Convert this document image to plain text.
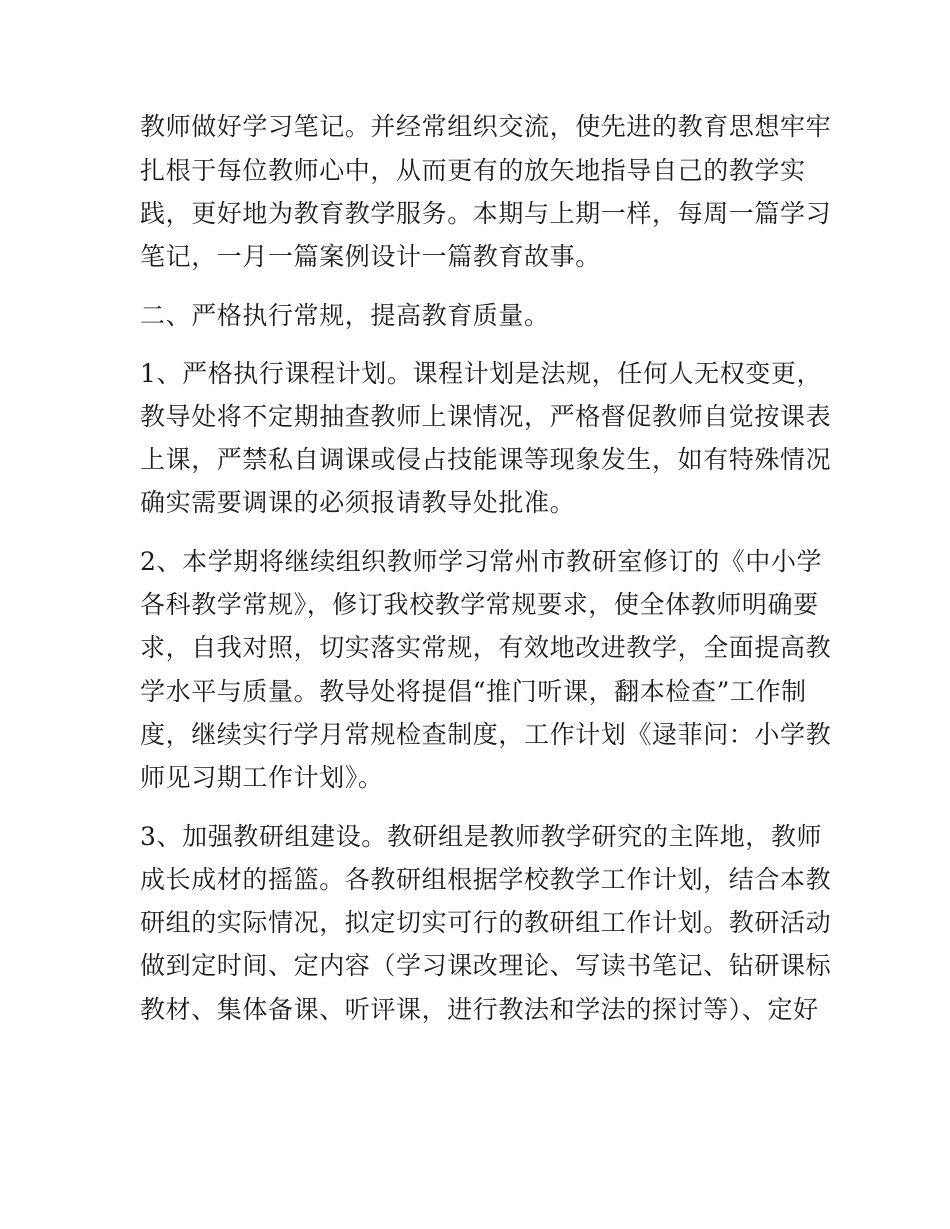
教师做好学习笔记。并经常组织交流，使先进的教育思想牢牢
扎根于每位教师心中，从而更有的放矢地指导自己的教学实
践，更好地为教育教学服务。本期与上期一样，每周一篇学习
笔记，一月一篇案例设计一篇教育故事。
二、严格执行常规，提高教育质量。
1、严格执行课程计划。课程计划是法规，任何人无权变更，
教导处将不定期抽查教师上课情况，严格督促教师自觉按课表
上课，严禁私自调课或侵占技能课等现象发生，如有特殊情况
确实需要调课的必须报请教导处批准。
2、本学期将继续组织教师学习常州市教研室修订的《中小学
各科教学常规》，修订我校教学常规要求，使全体教师明确要
求，自我对照，切实落实常规，有效地改进教学，全面提高教
学水平与质量。教导处将提倡“推门听课，翻本检查”工作制
度，继续实行学月常规检查制度，工作计划《逯菲问：小学教
师见习期工作计划》。
3、加强教研组建设。教研组是教师教学研究的主阵地，教师
成长成材的摇篮。各教研组根据学校教学工作计划，结合本教
研组的实际情况，拟定切实可行的教研组工作计划。教研活动
做到定时间、定内容（学习课改理论、写读书笔记、钻研课标
教材、集体备课、听评课，进行教法和学法的探讨等）、定好
